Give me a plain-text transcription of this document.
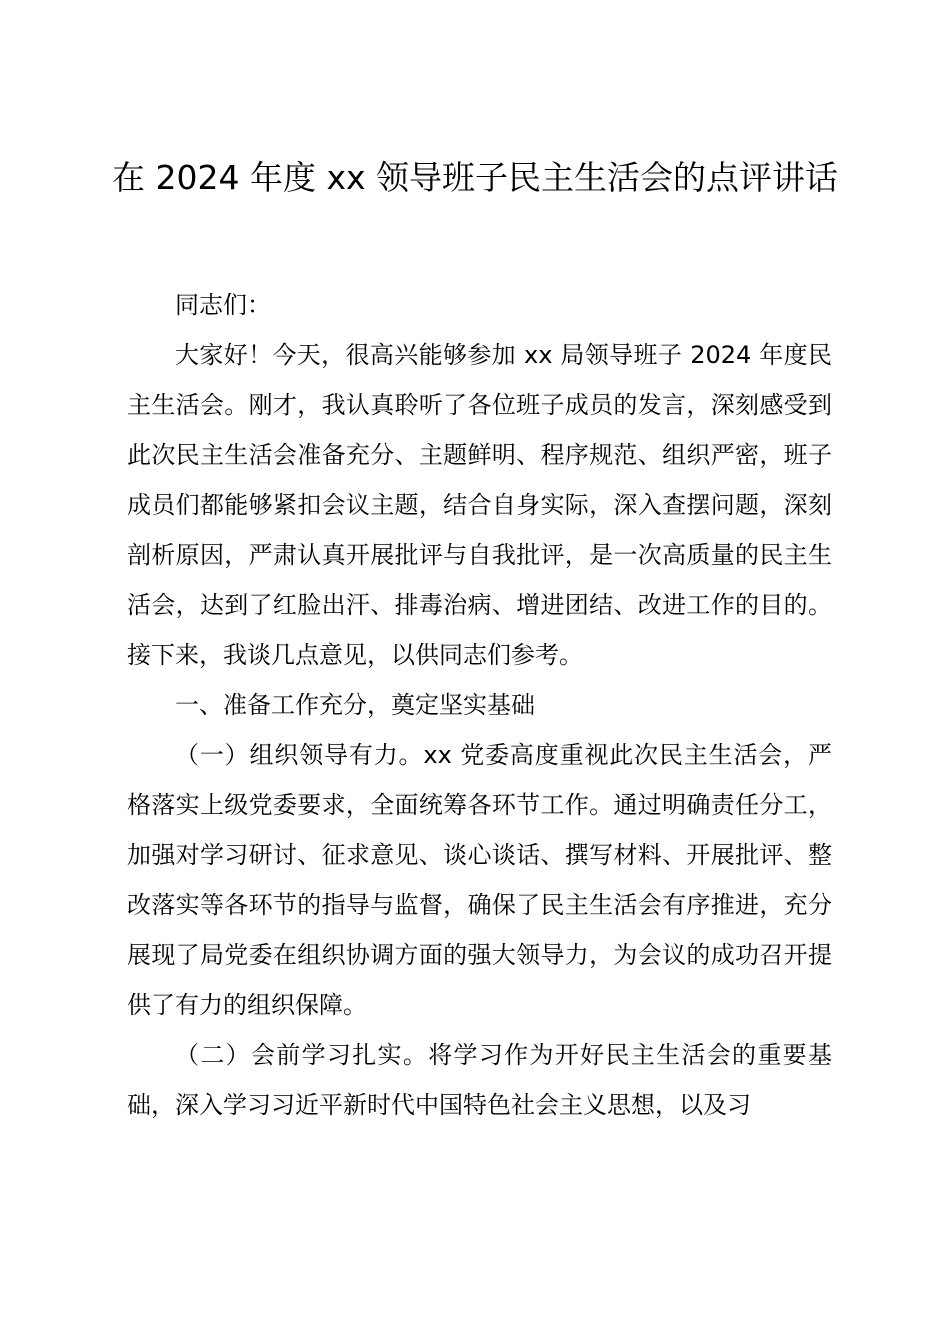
在 2024 年度 xx 领导班子民主生活会的点评讲话

同志们：

大家好！今天，很高兴能够参加 xx 局领导班子 2024 年度民主生活会。刚才，我认真聆听了各位班子成员的发言，深刻感受到此次民主生活会准备充分、主题鲜明、程序规范、组织严密，班子成员们都能够紧扣会议主题，结合自身实际，深入查摆问题，深刻剖析原因，严肃认真开展批评与自我批评，是一次高质量的民主生活会，达到了红脸出汗、排毒治病、增进团结、改进工作的目的。接下来，我谈几点意见，以供同志们参考。

一、准备工作充分，奠定坚实基础

（一）组织领导有力。xx 党委高度重视此次民主生活会，严格落实上级党委要求，全面统筹各环节工作。通过明确责任分工，加强对学习研讨、征求意见、谈心谈话、撰写材料、开展批评、整改落实等各环节的指导与监督，确保了民主生活会有序推进，充分展现了局党委在组织协调方面的强大领导力，为会议的成功召开提供了有力的组织保障。

（二）会前学习扎实。将学习作为开好民主生活会的重要基础，深入学习习近平新时代中国特色社会主义思想，以及习
